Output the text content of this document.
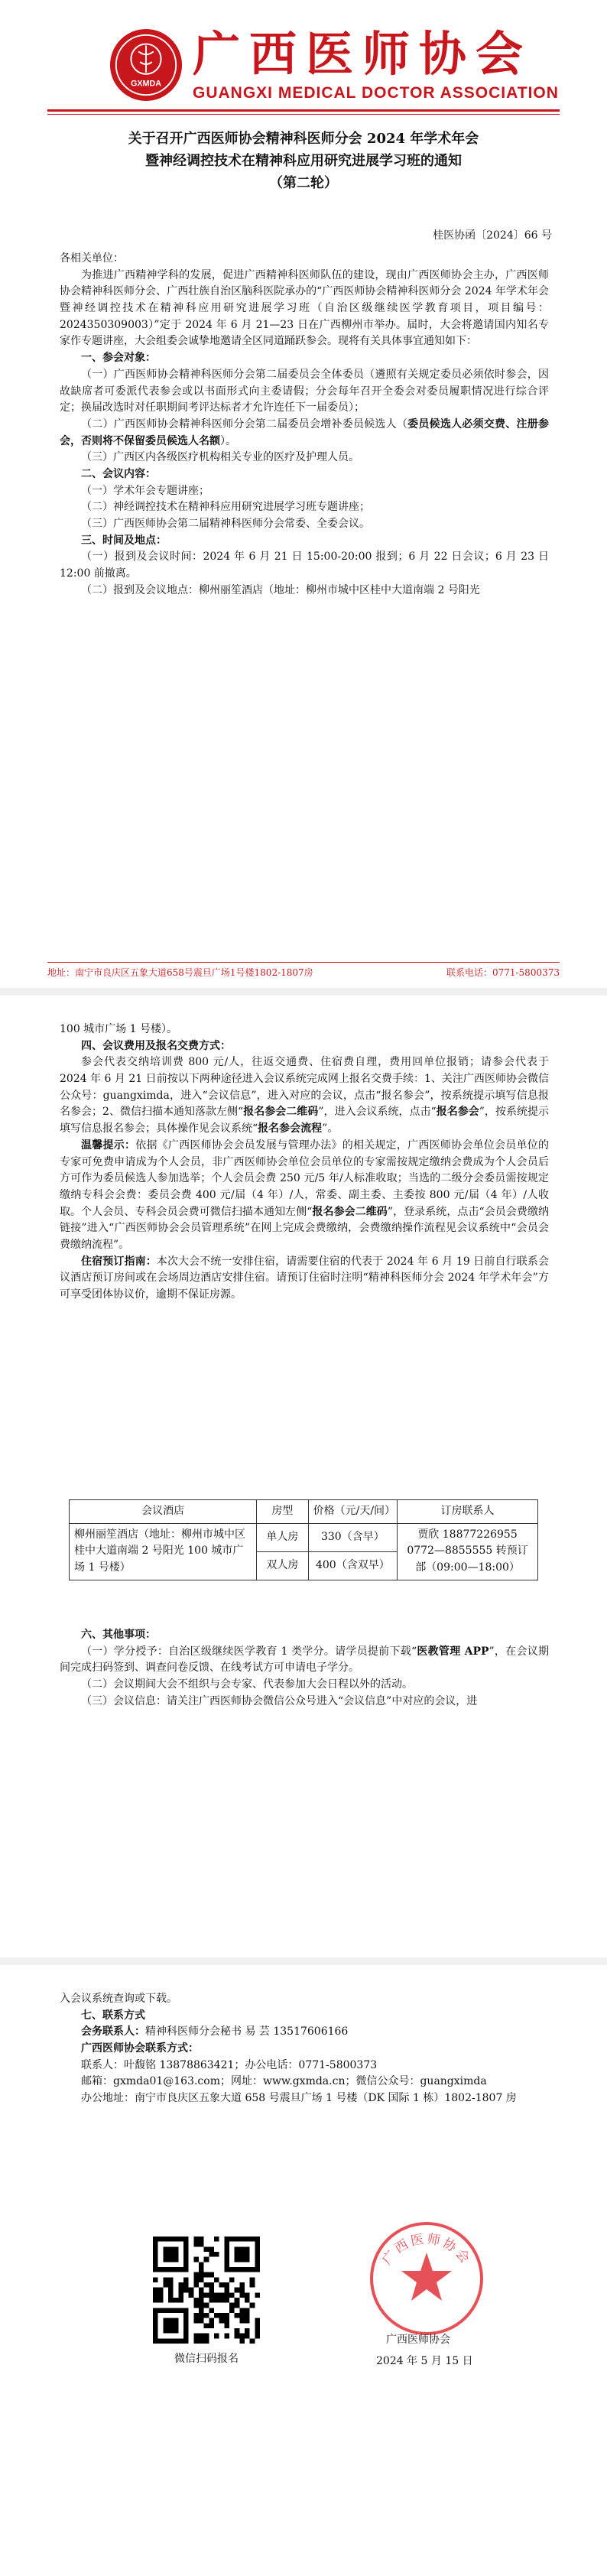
GXMDA
广西医师协会
GUANGXI MEDICAL DOCTOR ASSOCIATION
关于召开广西医师协会精神科医师分会 2024 年学术年会
暨神经调控技术在精神科应用研究进展学习班的通知
（第二轮）
桂医协函〔2024〕66 号

各相关单位：

为推进广西精神学科的发展，促进广西精神科医师队伍的建设，现由广西医师协会主办，广西医师协会精神科医师分会、广西壮族自治区脑科医院承办的“广西医师协会精神科医师分会 2024 年学术年会暨神经调控技术在精神科应用研究进展学习班（自治区级继续医学教育项目，项目编号：2024350309003）”定于 2024 年 6 月 21—23 日在广西柳州市举办。届时，大会将邀请国内知名专家作专题讲座，大会组委会诚挚地邀请全区同道踊跃参会。现将有关具体事宜通知如下：

一、参会对象：

（一）广西医师协会精神科医师分会第二届委员会全体委员（遴照有关规定委员必须依时参会，因故缺席者可委派代表参会或以书面形式向主委请假；分会每年召开全委会对委员履职情况进行综合评定；换届改选时对任职期间考评达标者才允许连任下一届委员）；

（二）广西医师协会精神科医师分会第二届委员会增补委员候选人（委员候选人必须交费、注册参会，否则将不保留委员候选人名额）。

（三）广西区内各级医疗机构相关专业的医疗及护理人员。

二、会议内容：

（一）学术年会专题讲座；

（二）神经调控技术在精神科应用研究进展学习班专题讲座；

（三）广西医师协会第二届精神科医师分会常委、全委会议。

三、时间及地点：

（一）报到及会议时间：2024 年 6 月 21 日 15:00-20:00 报到；6 月 22 日会议；6 月 23 日 12:00 前撤离。

（二）报到及会议地点：柳州丽笙酒店（地址：柳州市城中区桂中大道南端 2 号阳光

地址：南宁市良庆区五象大道658号震旦广场1号楼1802-1807房	联系电话：0771-5800373

100 城市广场 1 号楼）。

四、会议费用及报名交费方式：

参会代表交纳培训费 800 元/人，往返交通费、住宿费自理，费用回单位报销；请参会代表于 2024 年 6 月 21 日前按以下两种途径进入会议系统完成网上报名交费手续：1、关注广西医师协会微信公众号：guangximda，进入“会议信息”，进入对应的会议，点击“报名参会”，按系统提示填写信息报名参会；2、微信扫描本通知落款左侧“报名参会二维码”，进入会议系统，点击“报名参会”，按系统提示填写信息报名参会；具体操作见会议系统“报名参会流程”。

温馨提示：依据《广西医师协会会员发展与管理办法》的相关规定，广西医师协会单位会员单位的专家可免费申请成为个人会员，非广西医师协会单位会员单位的专家需按规定缴纳会费成为个人会员后方可作为委员候选人参加选举；个人会员会费 250 元/5 年/人标准收取；当选的二级分会委员需按规定缴纳专科会会费：委员会费 400 元/届（4 年）/人，常委、副主委、主委按 800 元/届（4 年）/人收取。个人会员、专科会员会费可微信扫描本通知左侧“报名参会二维码”，登录系统，点击“会员会费缴纳链接”进入“广西医师协会会员管理系统”在网上完成会费缴纳，会费缴纳操作流程见会议系统中“会员会费缴纳流程”。

住宿预订指南：本次大会不统一安排住宿，请需要住宿的代表于 2024 年 6 月 19 日前自行联系会议酒店预订房间或在会场周边酒店安排住宿。请预订住宿时注明“精神科医师分会 2024 年学术年会”方可享受团体协议价，逾期不保证房源。

会议酒店	房型	价格（元/天/间）	订房联系人
柳州丽笙酒店（地址：柳州市城中区桂中大道南端 2 号阳光 100 城市广场 1 号楼）	单人房	330（含早）	贾欣 18877226955
0772—8855555 转预订部（09:00—18:00）

	双人房	400（含双早）	

六、其他事项：

（一）学分授予：自治区级继续医学教育 1 类学分。请学员提前下载“医教管理 APP”，在会议期间完成扫码签到、调查问卷反馈、在线考试方可申请电子学分。

（二）会议期间大会不组织与会专家、代表参加大会日程以外的活动。

（三）会议信息：请关注广西医师协会微信公众号进入“会议信息”中对应的会议，进

入会议系统查询或下载。

七、联系方式

会务联系人：精神科医师分会秘书 易 芸 13517606166

广西医师协会联系方式：

联系人：叶馥铭 13878863421；办公电话：0771-5800373

邮箱：gxmda01@163.com；网址：www.gxmda.cn；微信公众号：guangximda

办公地址：南宁市良庆区五象大道 658 号震旦广场 1 号楼（DK 国际 1 栋）1802-1807 房

微信扫码报名
广西医师协会
广西医师协会
2024 年 5 月 15 日
